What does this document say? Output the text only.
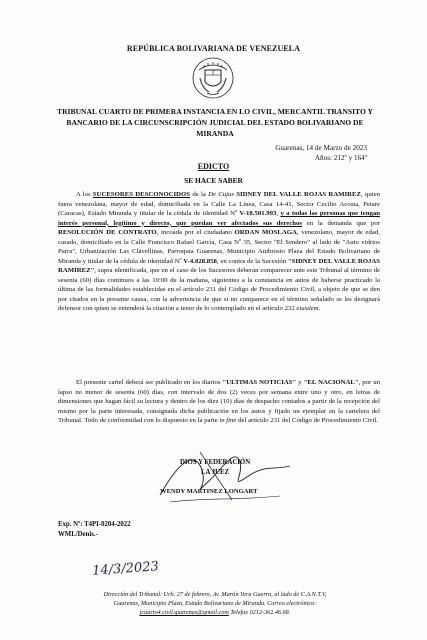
REPÚBLICA BOLIVARIANA DE VENEZUELA
TRIBUNAL CUARTO DE PRIMERA INSTANCIA EN LO CIVIL, MERCANTIL TRANSITO Y BANCARIO DE LA CIRCUNSCRIPCIÓN JUDICIAL DEL ESTADO BOLIVARIANO DE MIRANDA
Guarenas, 14 de Marzo de 2023
Años: 212º y 164º
EDICTO
SE HACE SABER
A los SUCESORES DESCONOCIDOS de la De Cujus SIDNEY DEL VALLE ROJAS RAMIREZ, quien fuera venezolana, mayor de edad, domiciliada en la Calle La Línea, Casa 14-41, Sector Cecilio Acosta, Petare (Caracas), Estado Miranda y titular de la cédula de identidad Nº V-10.501.993, y a todas las personas que tengan interés personal, legítimo y directo, que puedan ver afectados sus derechos en la demanda que por RESOLUCIÓN DE CONTRATO, incoada por el ciudadano ORDAN MOSLAGA, venezolano, mayor de edad, casado, domiciliado en la Calle Francisco Rafael García, Casa Nº 35, Sector "El Sendero" al lado de "Auto vidrios Parra", Urbanización Las Clavellinas, Parroquia Guarenas, Municipio Ambrosio Plaza del Estado Bolivariano de Miranda y titular de la cédula de identidad Nº V-4.028.858, en contra de la Sucesión "SIDNEY DEL VALLE ROJAS RAMIREZ", supra identificada, que en el caso de los Sucesores deberán comparecer ante este Tribunal al término de sesenta (60) días continuos a las 10:00 de la mañana, siguientes a la constancia en autos de haberse practicado la última de las formalidades establecidas en el artículo 231 del Código de Procedimiento Civil, a objeto de que se den por citados en la presente causa, con la advertencia de que si no comparece en el término señalado se les designará defensor con quien se entenderá la citación a tenor de lo contemplado en el artículo 232 eiusdem.
El presente cartel deberá ser publicado en los diarios "ULTIMAS NOTICIAS" y "EL NACIONAL", por un lapso no menor de sesenta (60) días, con intervalo de dos (2) veces por semana entre uno y otro, en letras de dimensiones que hagan fácil su lectura y dentro de los diez (10) días de despacho contados a partir de la recepción del mismo por la parte interesada, consignada dicha publicación en los autos y fijado un ejemplar en la cartelera del Tribunal. Todo de conformidad con lo dispuesto en la parte in fine del artículo 231 del Código de Procedimiento Civil.
DIOS Y FEDERACIÓN
LA JUEZ
WENDY MARTINEZ LONGART
Exp. Nº: T4PI-0204-2022
WML/Denis.-
14/3/2023
Dirección del Tribunal: Urb. 27 de febrero, Av. Martín Vera Guerra, al lado de C.A.N.T.V,
Guarenas, Municipio Plaza, Estado Bolivariano de Miranda. Correo electrónico:
jcuarto4.civil.guarenas@gmail.com Telefax 0212-362.46.68.
